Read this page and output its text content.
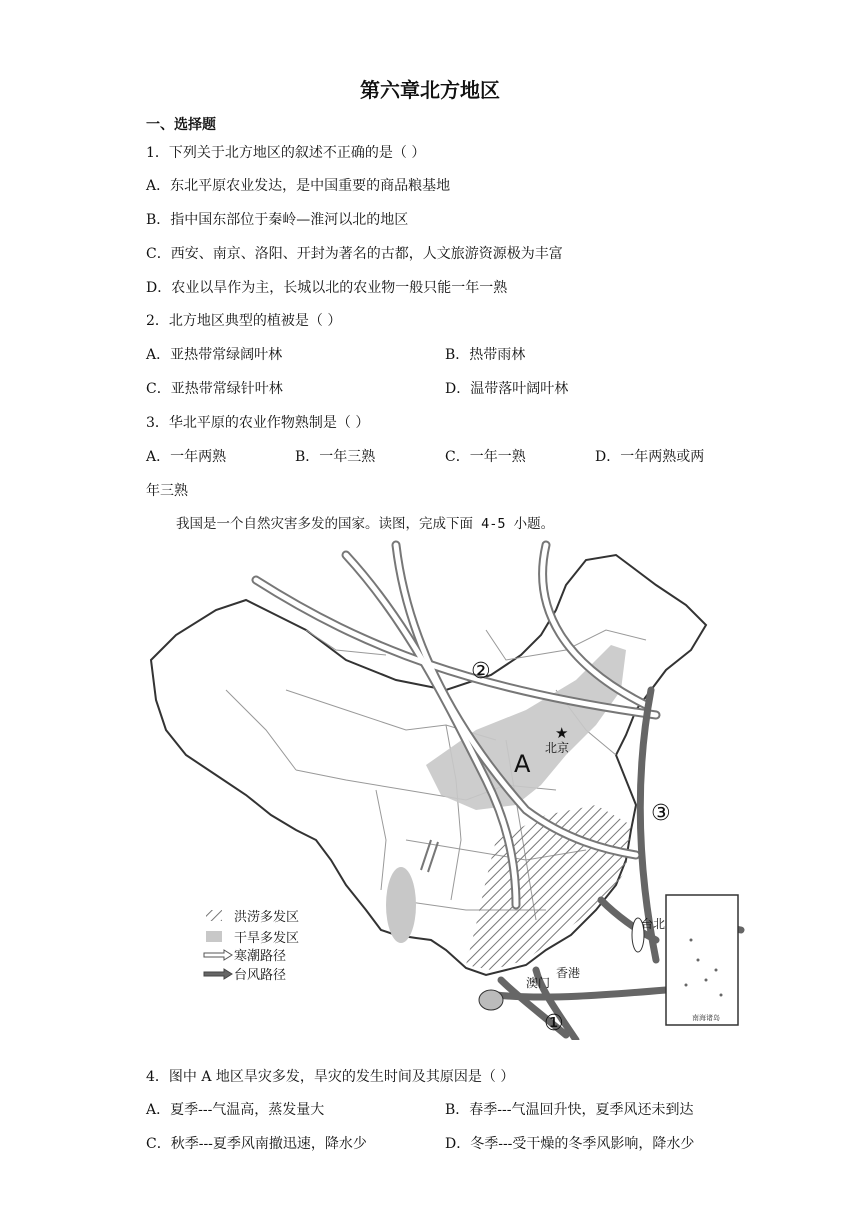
第六章北方地区
一、选择题
1．下列关于北方地区的叙述不正确的是（ ）
A．东北平原农业发达，是中国重要的商品粮基地
B．指中国东部位于秦岭—淮河以北的地区
C．西安、南京、洛阳、开封为著名的古都，人文旅游资源极为丰富
D．农业以旱作为主，长城以北的农业物一般只能一年一熟
2．北方地区典型的植被是（ ）
A．亚热带常绿阔叶林	B．热带雨林
C．亚热带常绿针叶林	D．温带落叶阔叶林
3．华北平原的农业作物熟制是（ ）
A．一年两熟	B．一年三熟	C．一年一熟	D．一年两熟或两
年三熟
我国是一个自然灾害多发的国家。读图，完成下面 4-5 小题。
南海诸岛
A
★
北京
台北
香港
澳门
②
③
①
洪涝多发区
干旱多发区
寒潮路径
台风路径
4．图中 A 地区旱灾多发，旱灾的发生时间及其原因是（ ）
A．夏季---气温高，蒸发量大	B．春季---气温回升快，夏季风还未到达
C．秋季---夏季风南撤迅速，降水少	D．冬季---受干燥的冬季风影响，降水少
